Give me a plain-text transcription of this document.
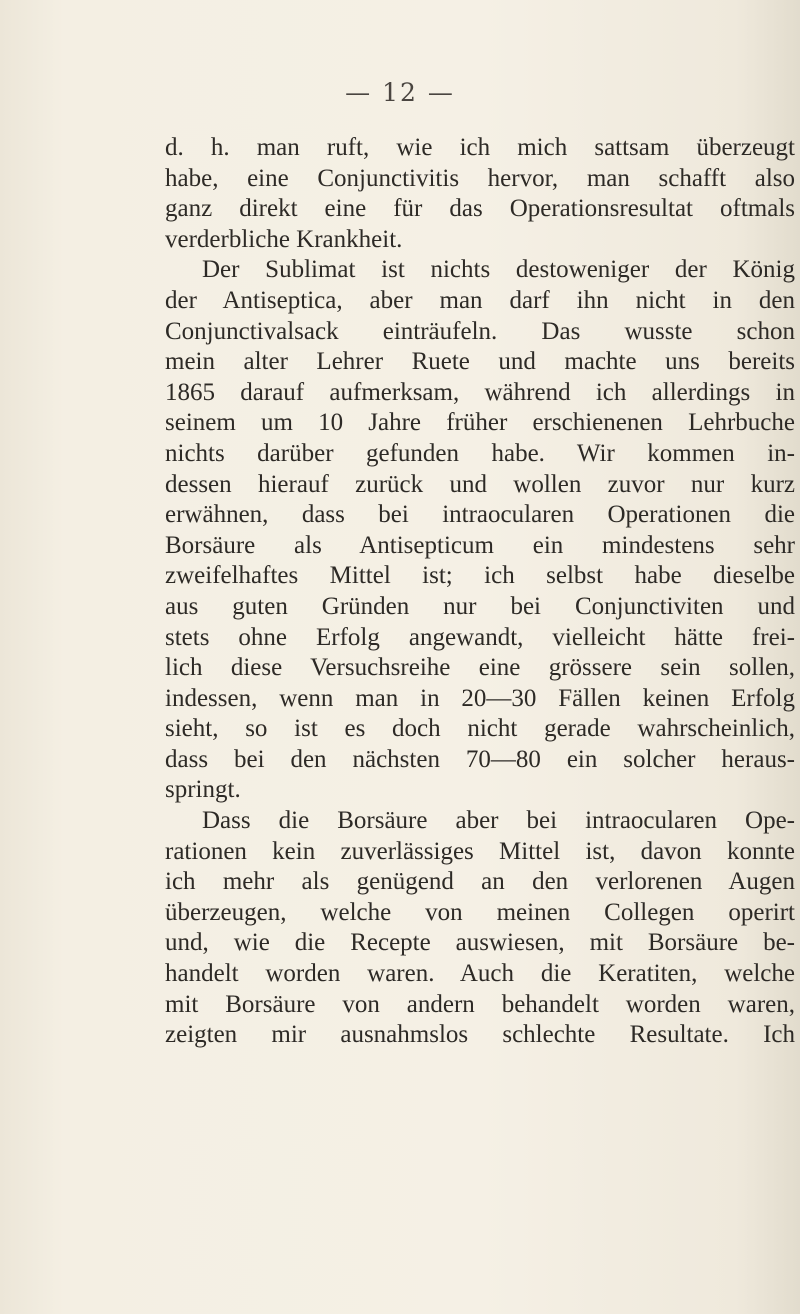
— 12 —
d. h. man ruft, wie ich mich sattsam überzeugt
habe, eine Conjunctivitis hervor, man schafft also
ganz direkt eine für das Operationsresultat oftmals
verderbliche Krankheit.
Der Sublimat ist nichts destoweniger der König
der Antiseptica, aber man darf ihn nicht in den
Conjunctivalsack einträufeln. Das wusste schon
mein alter Lehrer Ruete und machte uns bereits
1865 darauf aufmerksam, während ich allerdings in
seinem um 10 Jahre früher erschienenen Lehrbuche
nichts darüber gefunden habe. Wir kommen in-
dessen hierauf zurück und wollen zuvor nur kurz
erwähnen, dass bei intraocularen Operationen die
Borsäure als Antisepticum ein mindestens sehr
zweifelhaftes Mittel ist; ich selbst habe dieselbe
aus guten Gründen nur bei Conjunctiviten und
stets ohne Erfolg angewandt, vielleicht hätte frei-
lich diese Versuchsreihe eine grössere sein sollen,
indessen, wenn man in 20—30 Fällen keinen Erfolg
sieht, so ist es doch nicht gerade wahrscheinlich,
dass bei den nächsten 70—80 ein solcher heraus-
springt.
Dass die Borsäure aber bei intraocularen Ope-
rationen kein zuverlässiges Mittel ist, davon konnte
ich mehr als genügend an den verlorenen Augen
überzeugen, welche von meinen Collegen operirt
und, wie die Recepte auswiesen, mit Borsäure be-
handelt worden waren. Auch die Keratiten, welche
mit Borsäure von andern behandelt worden waren,
zeigten mir ausnahmslos schlechte Resultate. Ich
